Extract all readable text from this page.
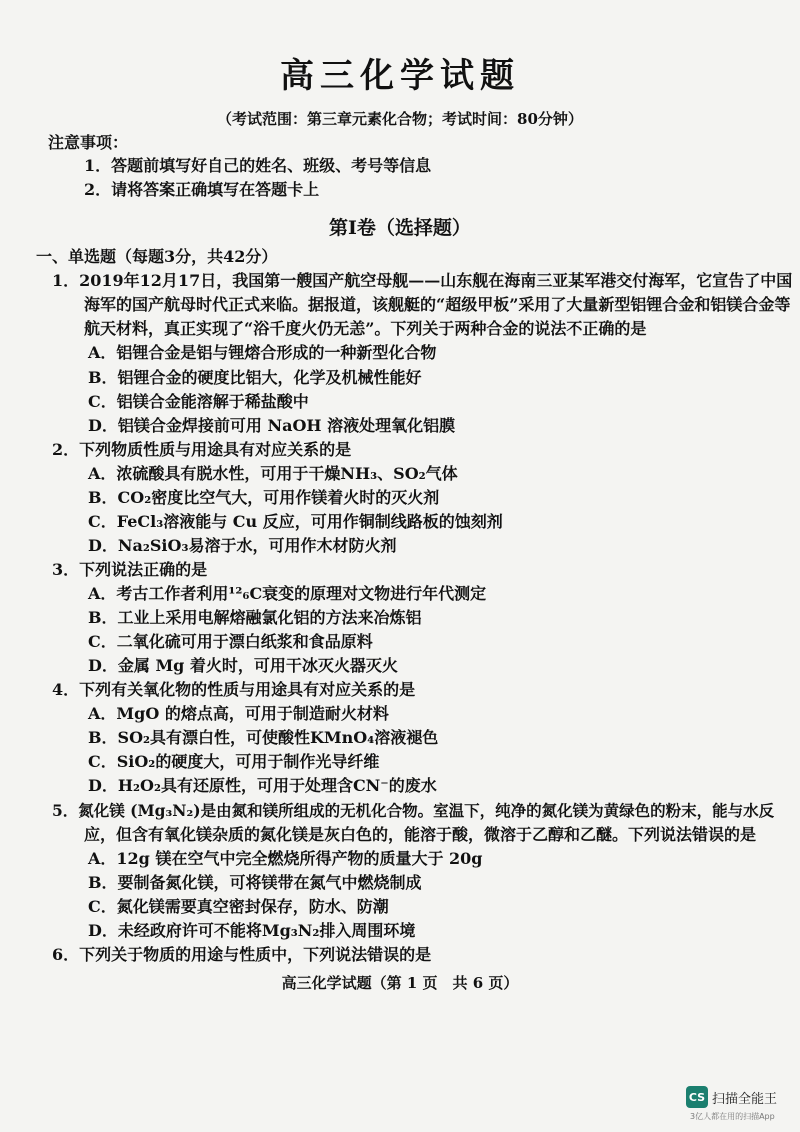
高三化学试题
（考试范围：第三章元素化合物；考试时间：80分钟）
注意事项：
1．答题前填写好自己的姓名、班级、考号等信息
2．请将答案正确填写在答题卡上
第Ⅰ卷（选择题）
一、单选题（每题3分，共42分）
1．2019年12月17日，我国第一艘国产航空母舰——山东舰在海南三亚某军港交付海军，它宣告了中国
海军的国产航母时代正式来临。据报道，该舰艇的“超级甲板”采用了大量新型铝锂合金和铝镁合金等
航天材料，真正实现了“浴千度火仍无恙”。下列关于两种合金的说法不正确的是
A．铝锂合金是铝与锂熔合形成的一种新型化合物
B．铝锂合金的硬度比铝大，化学及机械性能好
C．铝镁合金能溶解于稀盐酸中
D．铝镁合金焊接前可用 NaOH 溶液处理氧化铝膜
2．下列物质性质与用途具有对应关系的是
A．浓硫酸具有脱水性，可用于干燥NH₃、SO₂气体
B．CO₂密度比空气大，可用作镁着火时的灭火剂
C．FeCl₃溶液能与 Cu 反应，可用作铜制线路板的蚀刻剂
D．Na₂SiO₃易溶于水，可用作木材防火剂
3．下列说法正确的是
A．考古工作者利用¹²₆C衰变的原理对文物进行年代测定
B．工业上采用电解熔融氯化铝的方法来冶炼铝
C．二氧化硫可用于漂白纸浆和食品原料
D．金属 Mg 着火时，可用干冰灭火器灭火
4．下列有关氧化物的性质与用途具有对应关系的是
A．MgO 的熔点高，可用于制造耐火材料
B．SO₂具有漂白性，可使酸性KMnO₄溶液褪色
C．SiO₂的硬度大，可用于制作光导纤维
D．H₂O₂具有还原性，可用于处理含CN⁻的废水
5．氮化镁 (Mg₃N₂)是由氮和镁所组成的无机化合物。室温下，纯净的氮化镁为黄绿色的粉末，能与水反
应，但含有氧化镁杂质的氮化镁是灰白色的，能溶于酸，微溶于乙醇和乙醚。下列说法错误的是
A．12g 镁在空气中完全燃烧所得产物的质量大于 20g
B．要制备氮化镁，可将镁带在氮气中燃烧制成
C．氮化镁需要真空密封保存，防水、防潮
D．未经政府许可不能将Mg₃N₂排入周围环境
6．下列关于物质的用途与性质中，下列说法错误的是
高三化学试题（第 1 页　共 6 页）
CS 扫描全能王
3亿人都在用的扫描App
